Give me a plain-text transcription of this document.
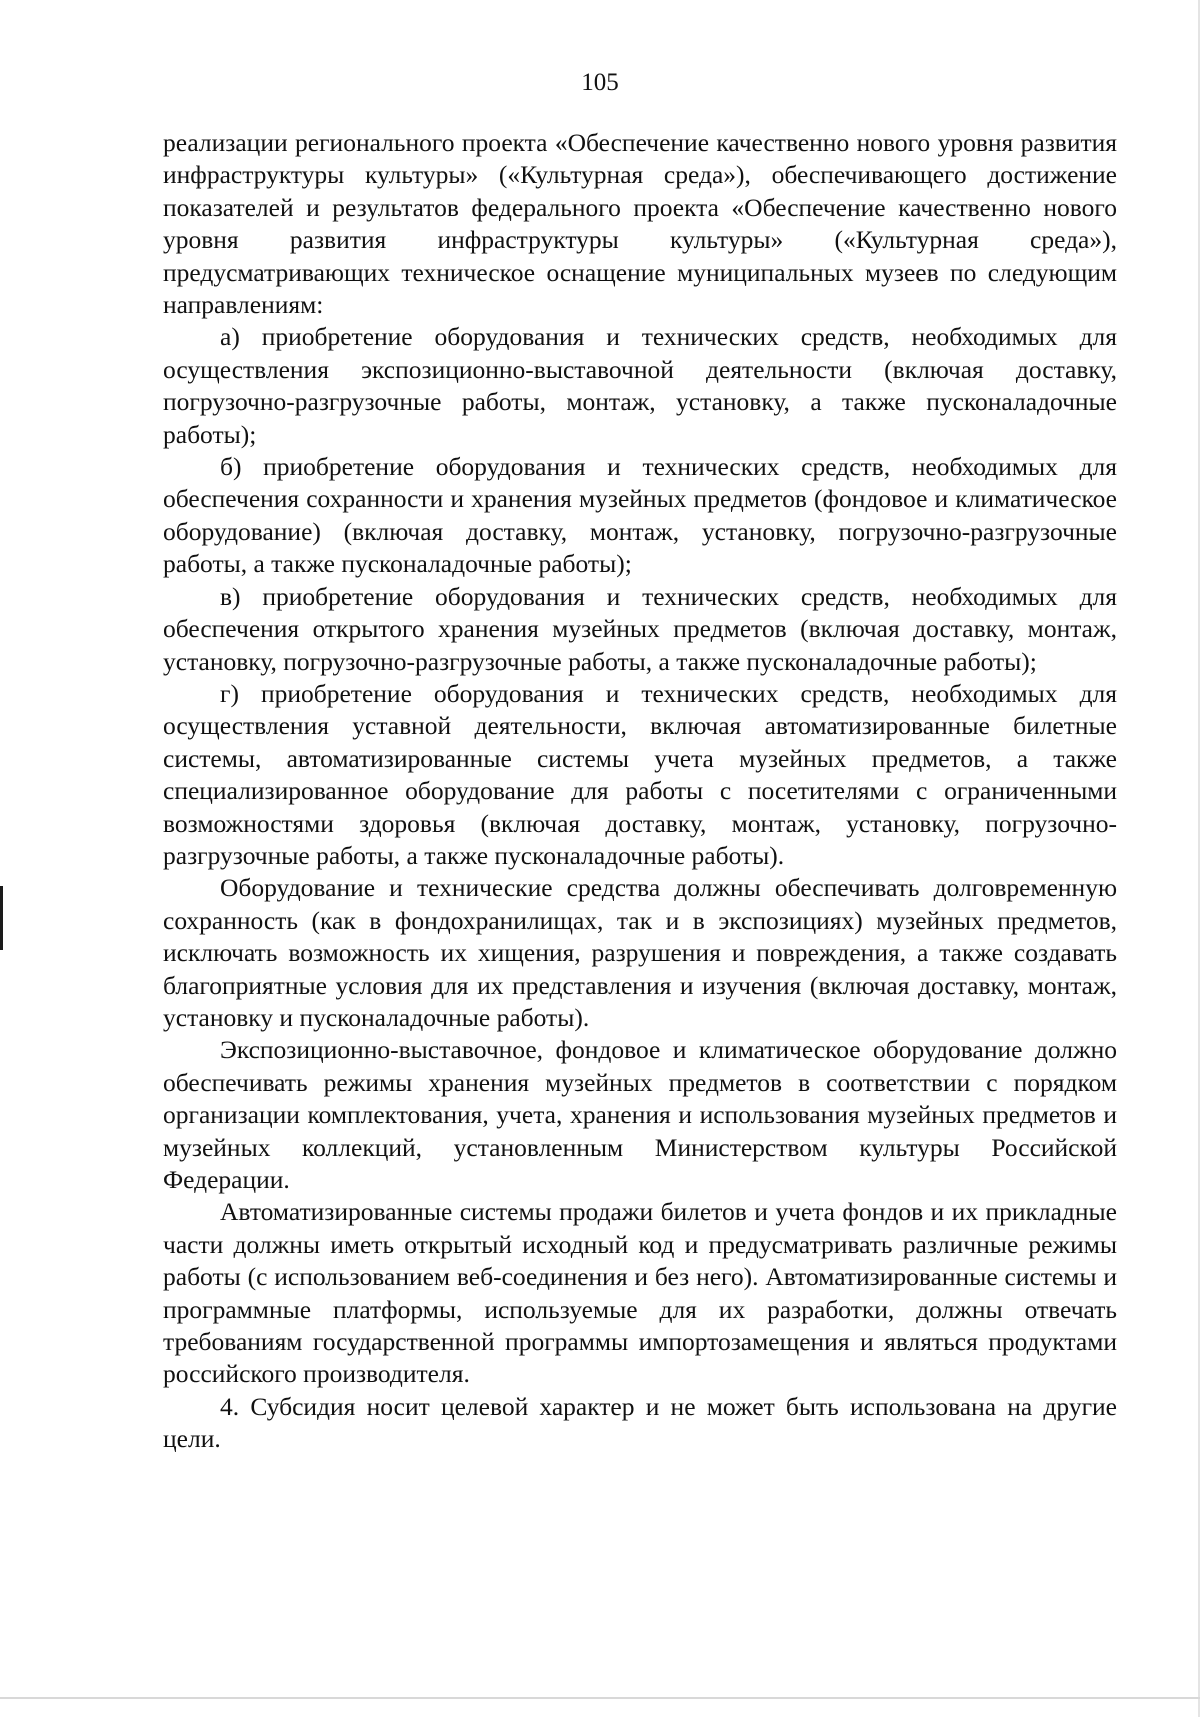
105

реализации регионального проекта «Обеспечение качественно нового уровня развития инфраструктуры культуры» («Культурная среда»), обеспечивающего достижение показателей и результатов федерального проекта «Обеспечение качественно нового уровня развития инфраструктуры культуры» («Культурная среда»), предусматривающих техническое оснащение муниципальных музеев по следующим направлениям:

а) приобретение оборудования и технических средств, необходимых для осуществления экспозиционно-выставочной деятельности (включая доставку, погрузочно-разгрузочные работы, монтаж, установку, а также пусконаладочные работы);

б) приобретение оборудования и технических средств, необходимых для обеспечения сохранности и хранения музейных предметов (фондовое и климатическое оборудование) (включая доставку, монтаж, установку, погрузочно-разгрузочные работы, а также пусконаладочные работы);

в) приобретение оборудования и технических средств, необходимых для обеспечения открытого хранения музейных предметов (включая доставку, монтаж, установку, погрузочно-разгрузочные работы, а также пусконаладочные работы);

г) приобретение оборудования и технических средств, необходимых для осуществления уставной деятельности, включая автоматизированные билетные системы, автоматизированные системы учета музейных предметов, а также специализированное оборудование для работы с посетителями с ограниченными возможностями здоровья (включая доставку, монтаж, установку, погрузочно-разгрузочные работы, а также пусконаладочные работы).

Оборудование и технические средства должны обеспечивать долговременную сохранность (как в фондохранилищах, так и в экспозициях) музейных предметов, исключать возможность их хищения, разрушения и повреждения, а также создавать благоприятные условия для их представления и изучения (включая доставку, монтаж, установку и пусконаладочные работы).

Экспозиционно-выставочное, фондовое и климатическое оборудование должно обеспечивать режимы хранения музейных предметов в соответствии с порядком организации комплектования, учета, хранения и использования музейных предметов и музейных коллекций, установленным Министерством культуры Российской Федерации.

Автоматизированные системы продажи билетов и учета фондов и их прикладные части должны иметь открытый исходный код и предусматривать различные режимы работы (с использованием веб-соединения и без него). Автоматизированные системы и программные платформы, используемые для их разработки, должны отвечать требованиям государственной программы импортозамещения и являться продуктами российского производителя.

4. Субсидия носит целевой характер и не может быть использована на другие цели.
